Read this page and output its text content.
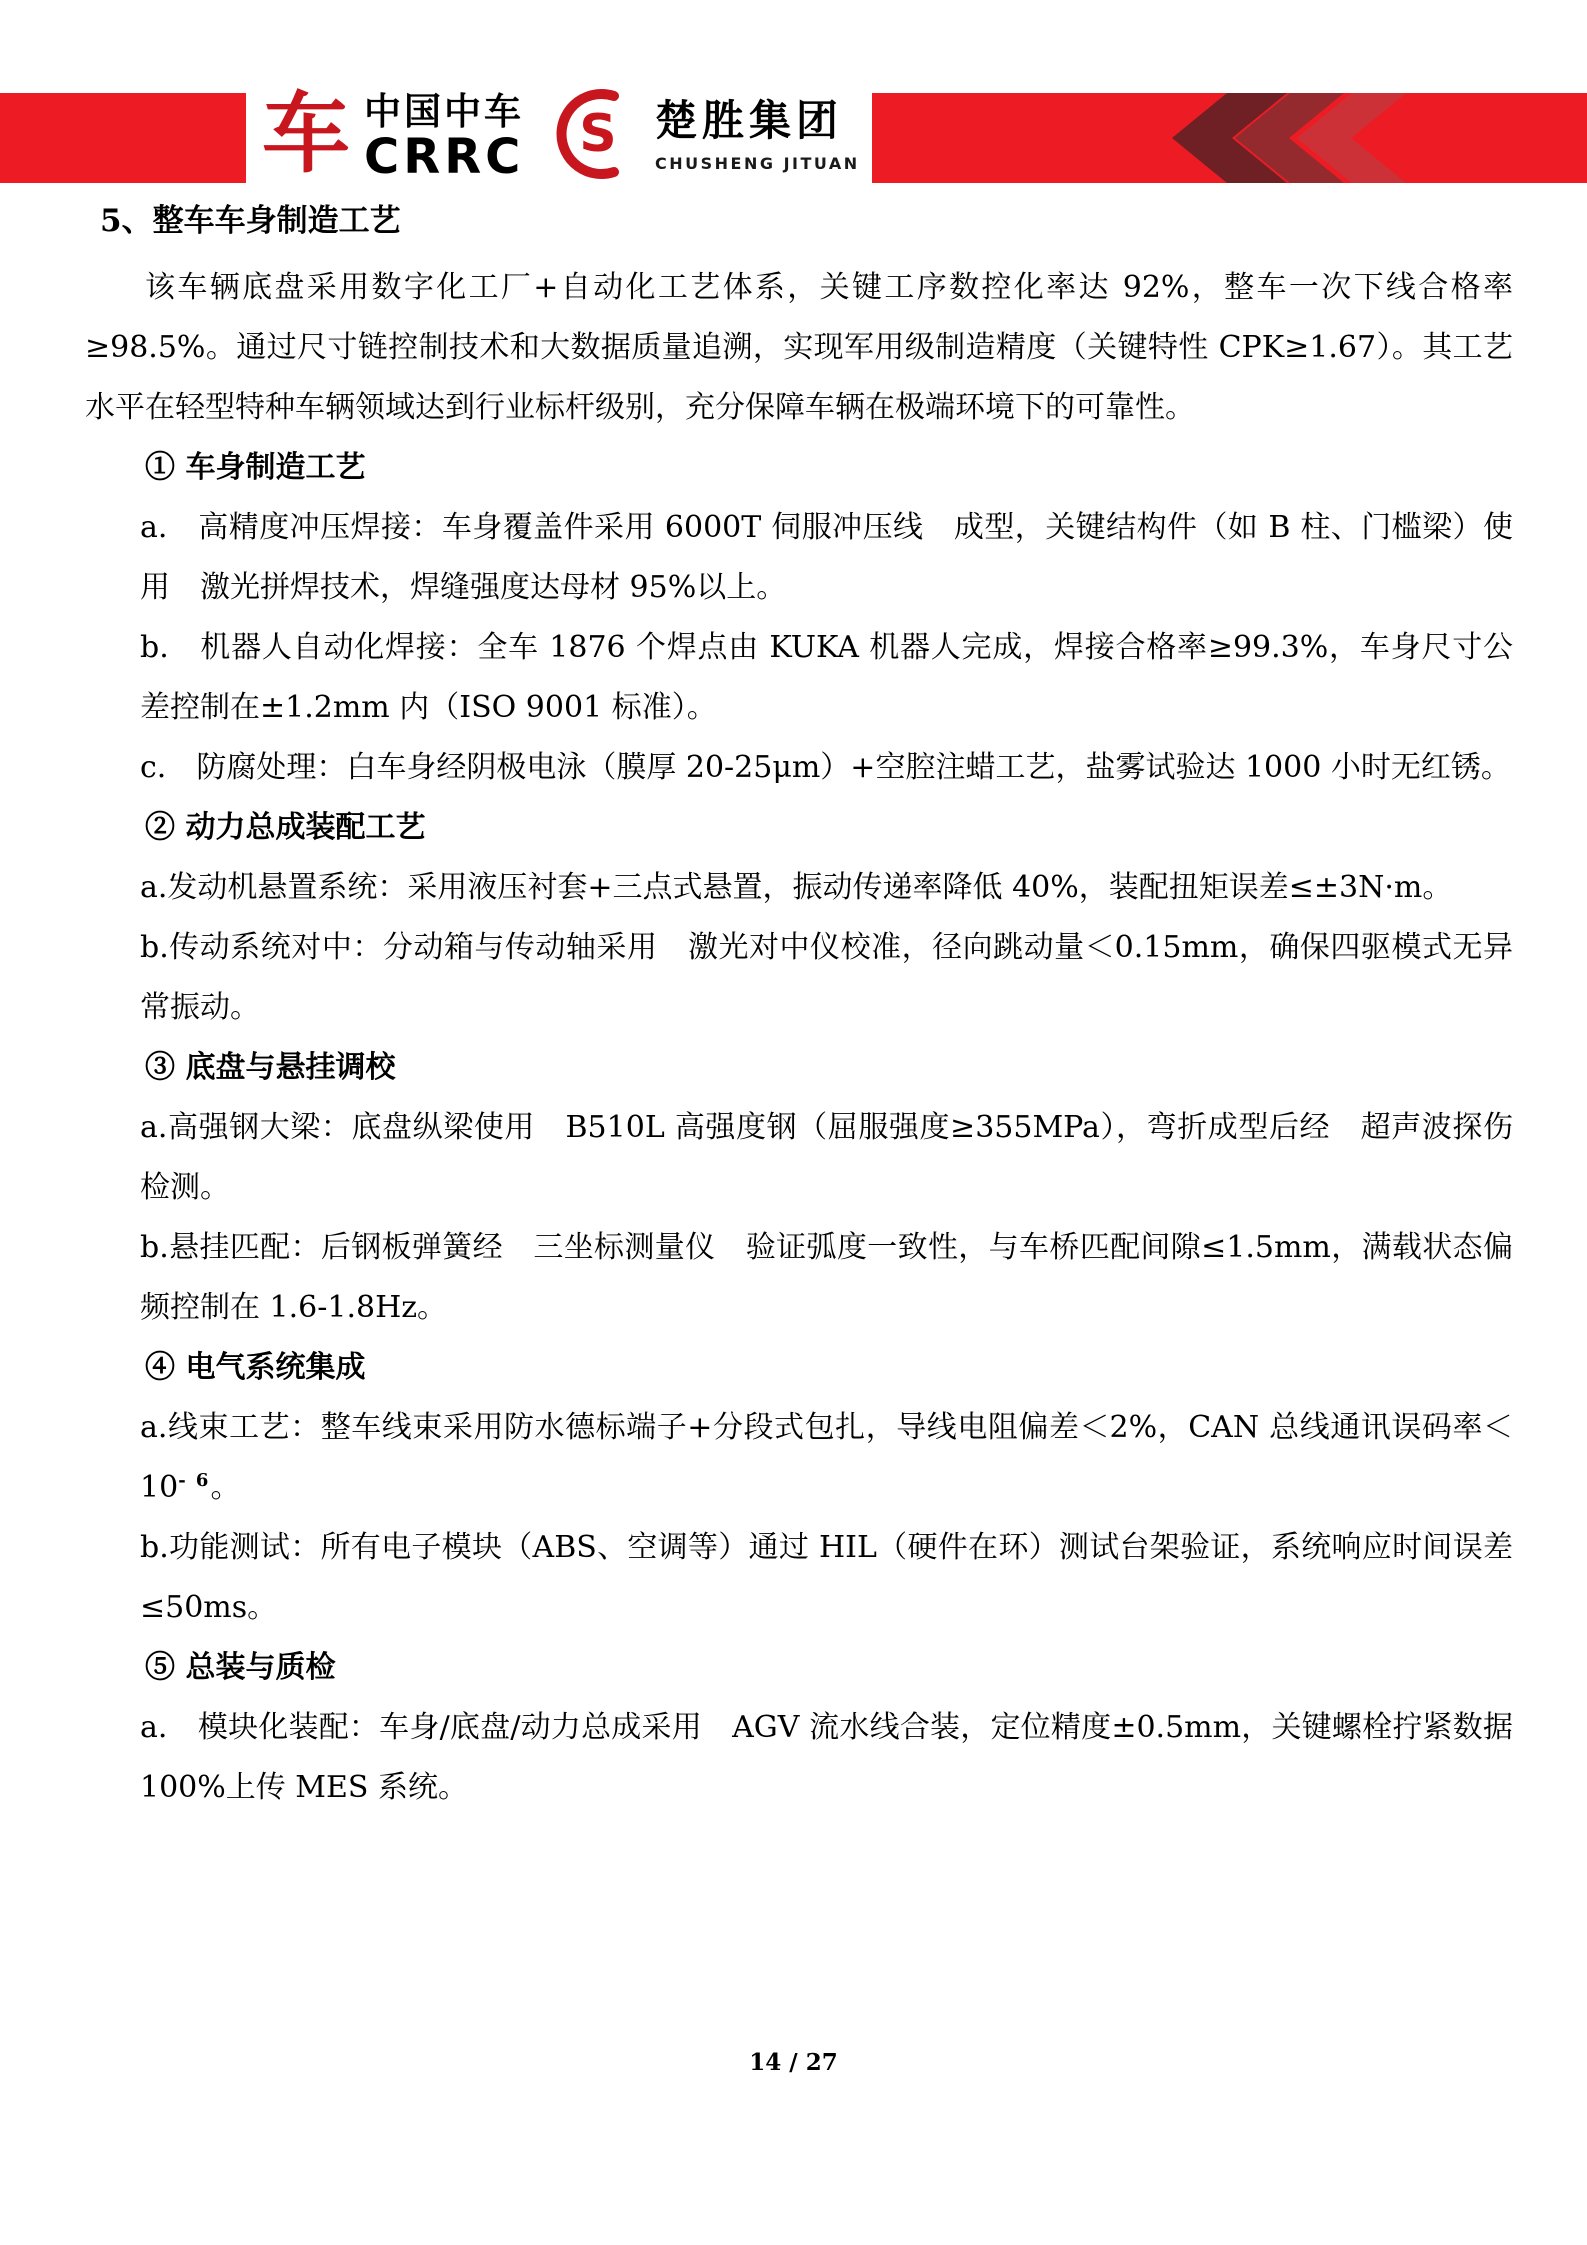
车 中国中车
CRRC S 楚胜集团
CHUSHENG JITUAN
5、整车车身制造工艺

该车辆底盘采用数字化工厂+自动化工艺体系，关键工序数控化率达 92%，整车一次下线合格率≥98.5%。通过尺寸链控制技术和大数据质量追溯，实现军用级制造精度（关键特性 CPK≥1.67）。其工艺水平在轻型特种车辆领域达到行业标杆级别，充分保障车辆在极端环境下的可靠性。

① 车身制造工艺

a.　高精度冲压焊接：车身覆盖件采用 6000T 伺服冲压线　成型，关键结构件（如 B 柱、门槛梁）使用　激光拼焊技术，焊缝强度达母材 95%以上。

b.　机器人自动化焊接：全车 1876 个焊点由 KUKA 机器人完成，焊接合格率≥99.3%，车身尺寸公差控制在±1.2mm 内（ISO 9001 标准）。

c.　防腐处理：白车身经阴极电泳（膜厚 20-25μm）+空腔注蜡工艺，盐雾试验达 1000 小时无红锈。

② 动力总成装配工艺

a.发动机悬置系统：采用液压衬套+三点式悬置，振动传递率降低 40%，装配扭矩误差≤±3N·m。

b.传动系统对中：分动箱与传动轴采用　激光对中仪校准，径向跳动量＜0.15mm，确保四驱模式无异常振动。

③ 底盘与悬挂调校

a.高强钢大梁：底盘纵梁使用　B510L 高强度钢（屈服强度≥355MPa），弯折成型后经　超声波探伤　检测。

b.悬挂匹配：后钢板弹簧经　三坐标测量仪　验证弧度一致性，与车桥匹配间隙≤1.5mm，满载状态偏频控制在 1.6-1.8Hz。

④ 电气系统集成

a.线束工艺：整车线束采用防水德标端子+分段式包扎，导线电阻偏差＜2%，CAN 总线通讯误码率$<10^{- 6}$。

b.功能测试：所有电子模块（ABS、空调等）通过 HIL（硬件在环）测试台架验证，系统响应时间误差≤50ms。

⑤ 总装与质检

a.　模块化装配：车身/底盘/动力总成采用　AGV 流水线合装，定位精度±0.5mm，关键螺栓拧紧数据 100%上传 MES 系统。

14 / 27
